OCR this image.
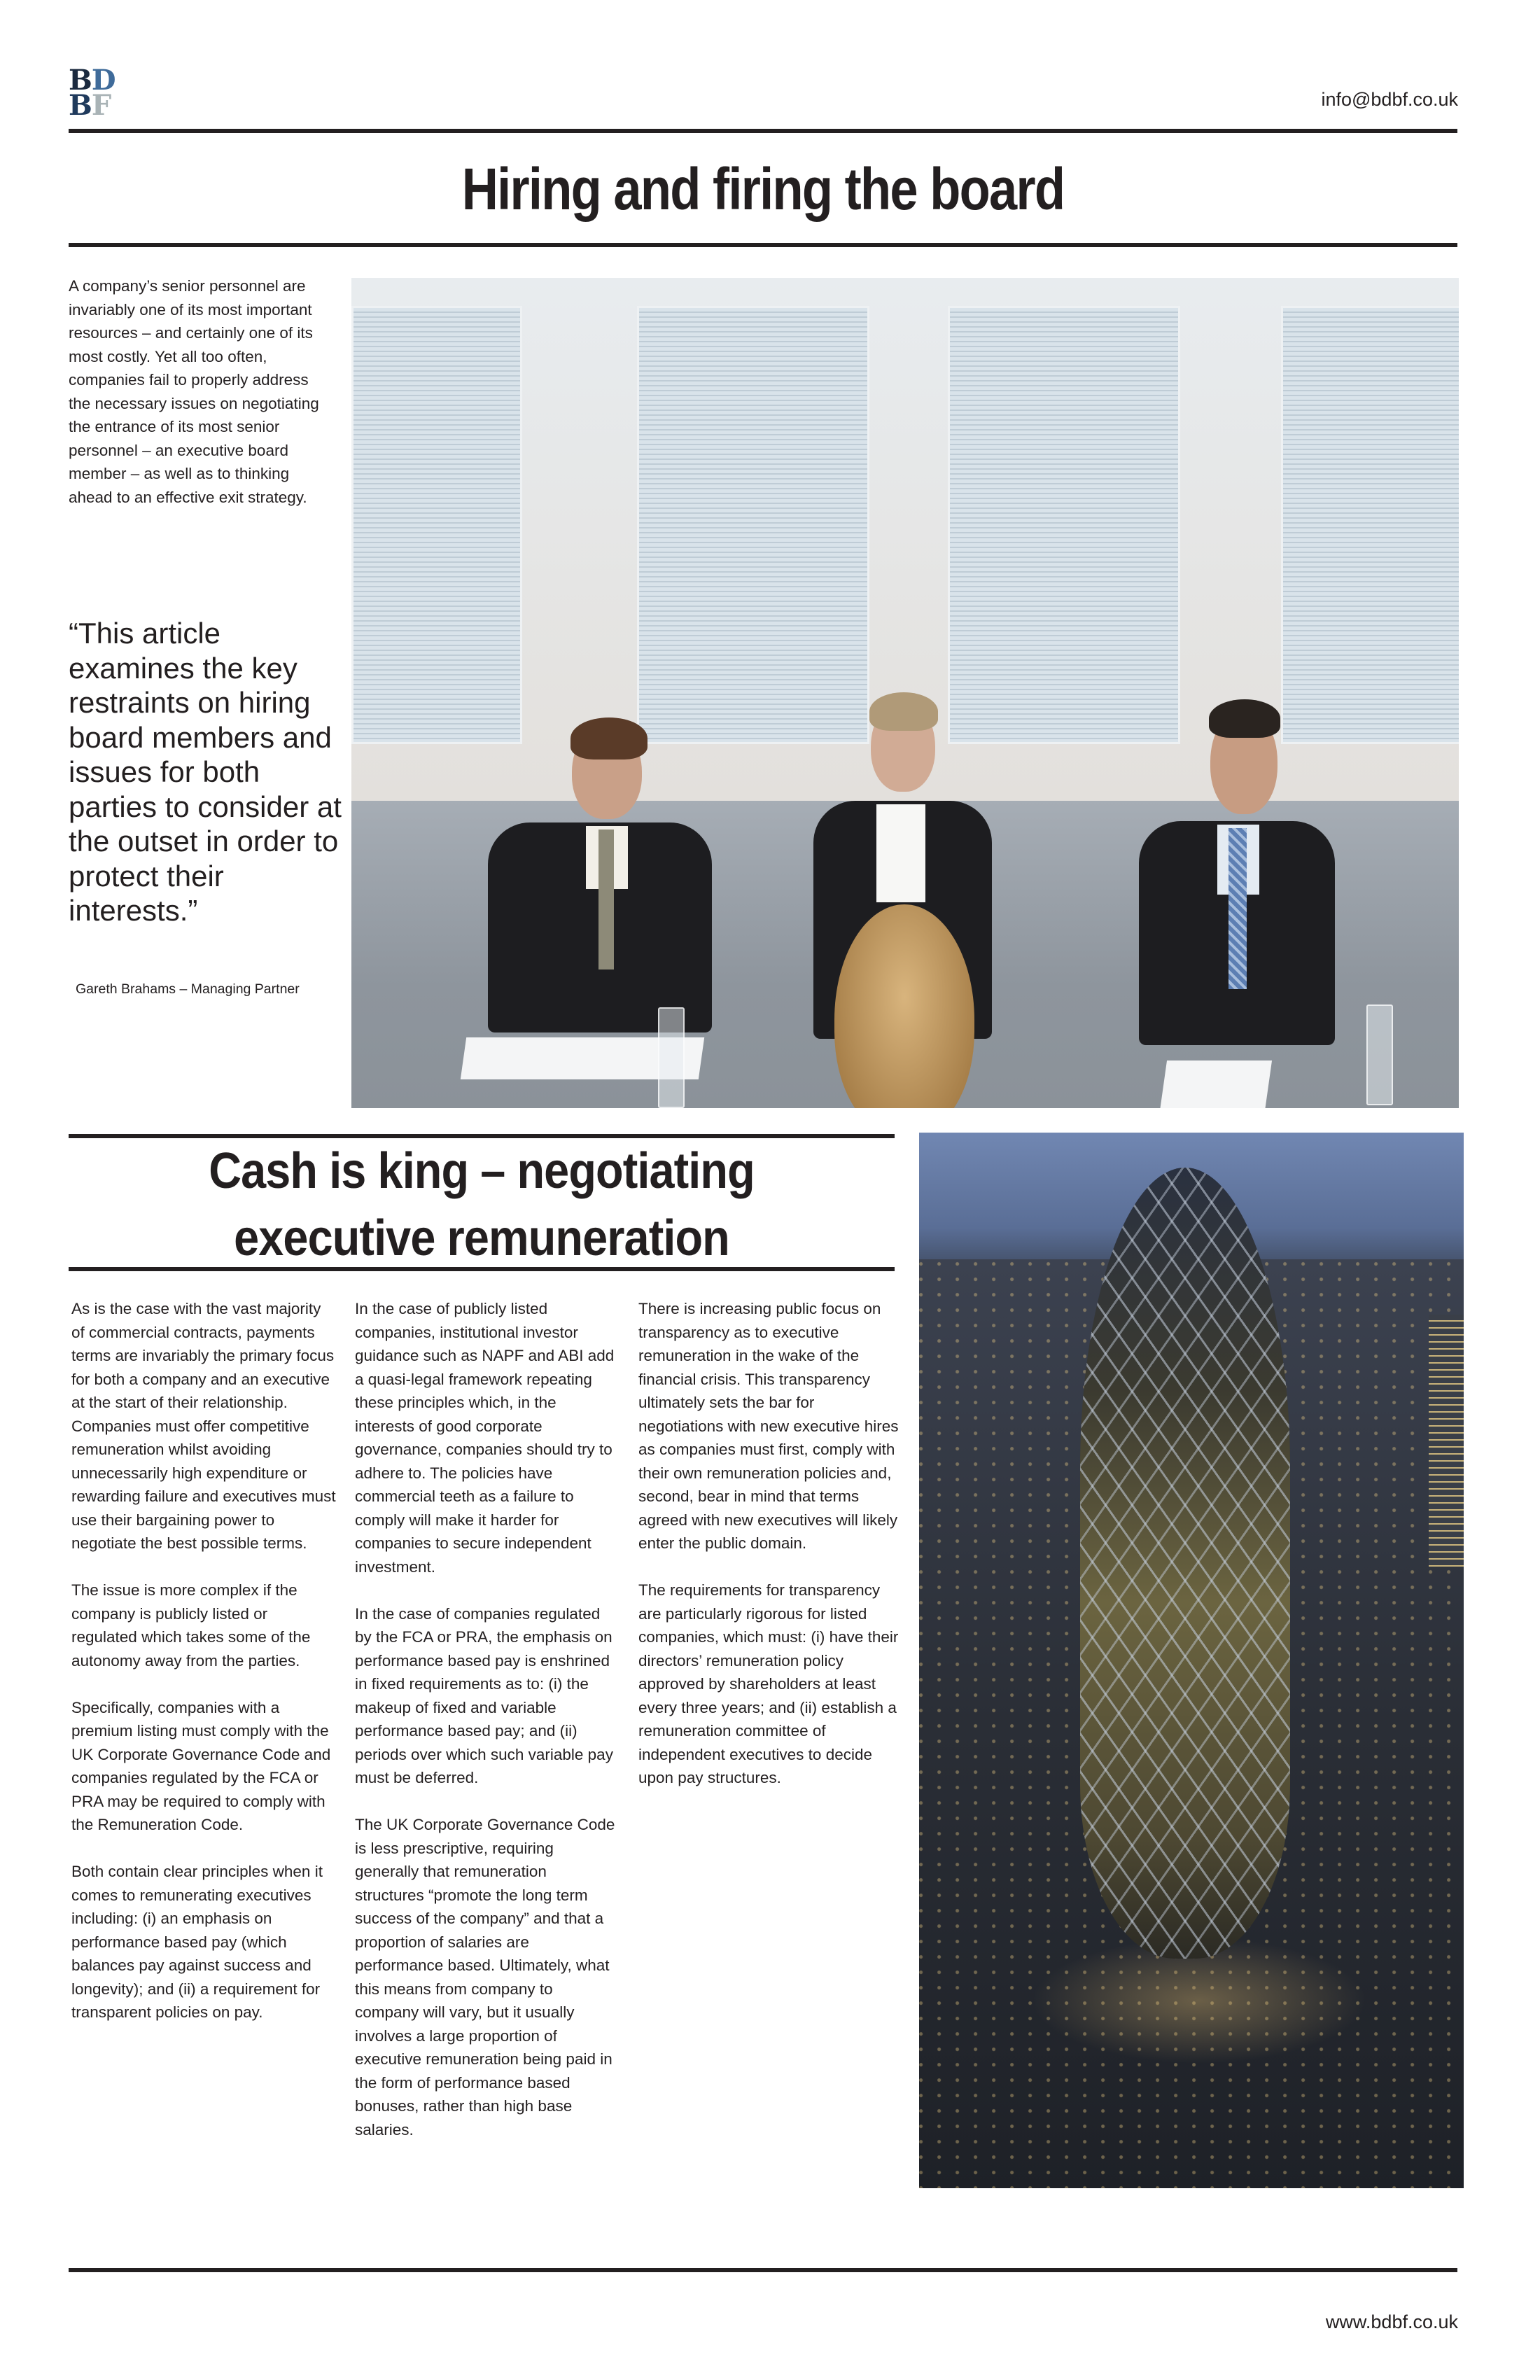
BD
BF	info@bdbf.co.uk
Hiring and firing the board
A company’s senior personnel are invariably one of its most important resources – and certainly one of its most costly. Yet all too often, companies fail to properly address the necessary issues on negotiating the entrance of its most senior personnel – an executive board member – as well as to thinking ahead to an effective exit strategy.
“This article examines the key restraints on hiring board members and issues for both parties to consider at the outset in order to protect their interests.”
Gareth Brahams – Managing Partner
Cash is king – negotiating
executive remuneration

As is the case with the vast majority of commercial contracts, payments terms are invariably the primary focus for both a company and an executive at the start of their relationship. Companies must offer competitive remuneration whilst avoiding unnecessarily high expenditure or rewarding failure and executives must use their bargaining power to negotiate the best possible terms.

The issue is more complex if the company is publicly listed or regulated which takes some of the autonomy away from the parties.

Specifically, companies with a premium listing must comply with the UK Corporate Governance Code and companies regulated by the FCA or PRA may be required to comply with the Remuneration Code.

Both contain clear principles when it comes to remunerating executives including: (i) an emphasis on performance based pay (which balances pay against success and longevity); and (ii) a requirement for transparent policies on pay.

In the case of publicly listed companies, institutional investor guidance such as NAPF and ABI add a quasi-legal framework repeating these principles which, in the interests of good corporate governance, companies should try to adhere to. The policies have commercial teeth as a failure to comply will make it harder for companies to secure independent investment.

In the case of companies regulated by the FCA or PRA, the emphasis on performance based pay is enshrined in fixed requirements as to: (i) the makeup of fixed and variable performance based pay; and (ii) periods over which such variable pay must be deferred.

The UK Corporate Governance Code is less prescriptive, requiring generally that remuneration structures “promote the long term success of the company” and that a proportion of salaries are performance based. Ultimately, what this means from company to company will vary, but it usually involves a large proportion of executive remuneration being paid in the form of performance based bonuses, rather than high base salaries.

There is increasing public focus on transparency as to executive remuneration in the wake of the financial crisis. This transparency ultimately sets the bar for negotiations with new executive hires as companies must first, comply with their own remuneration policies and, second, bear in mind that terms agreed with new executives will likely enter the public domain.

The requirements for transparency are particularly rigorous for listed companies, which must: (i) have their directors’ remuneration policy approved by shareholders at least every three years; and (ii) establish a remuneration committee of independent executives to decide upon pay structures.

www.bdbf.co.uk
